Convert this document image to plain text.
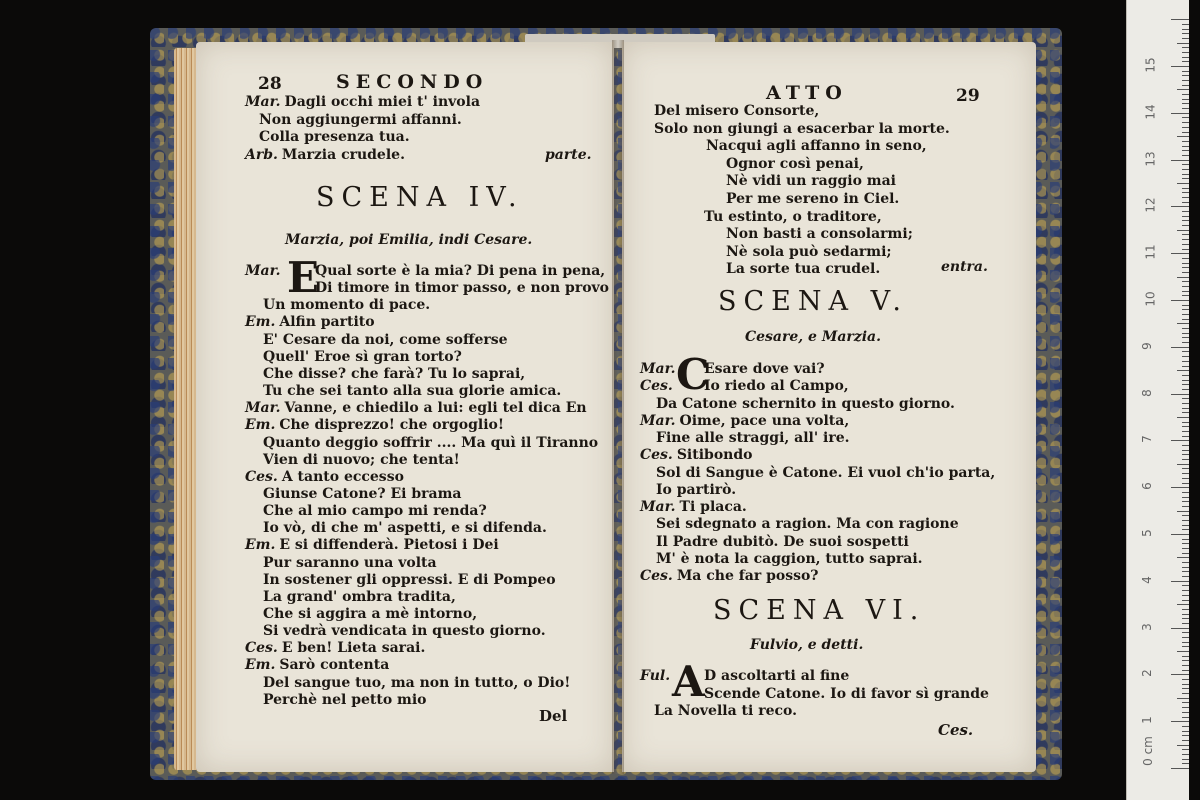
28	SECONDO
Mar. Dagli occhi miei t' invola
Non aggiungermi affanni.
Colla presenza tua.
Arb. Marzia crudele.	parte.
SCENA IV.
Marzia, poi Emilia, indi Cesare.
E
Mar. Qual sorte è la mia? Di pena in pena,
Di timore in timor passo, e non provo
Un momento di pace.
Em. Alfin partito
E' Cesare da noi, come sofferse
Quell' Eroe sì gran torto?
Che disse? che farà? Tu lo saprai,
Tu che sei tanto alla sua glorie amica.
Mar. Vanne, e chiedilo a lui: egli tel dica En
Em. Che disprezzo! che orgoglio!
Quanto deggio soffrir .... Ma quì il Tiranno
Vien di nuovo; che tenta!
Ces. A tanto eccesso
Giunse Catone? Ei brama
Che al mio campo mi renda?
Io vò, di che m' aspetti, e si difenda.
Em. E si diffenderà. Pietosi i Dei
Pur saranno una volta
In sostener gli oppressi. E di Pompeo
La grand' ombra tradita,
Che si aggira a mè intorno,
Si vedrà vendicata in questo giorno.
Ces. E ben! Lieta sarai.
Em. Sarò contenta
Del sangue tuo, ma non in tutto, o Dio!
Perchè nel petto mio
Del
ATTO	29
Del misero Consorte,
Solo non giungi a esacerbar la morte.
Nacqui agli affanno in seno,
Ognor così penai,
Nè vidi un raggio mai
Per me sereno in Ciel.
Tu estinto, o traditore,
Non basti a consolarmi;
Nè sola può sedarmi;
La sorte tua crudel.	entra.
SCENA V.
Cesare, e Marzia.
C
Mar. Esare dove vai?
Ces. Io riedo al Campo,
Da Catone schernito in questo giorno.
Mar. Oime, pace una volta,
Fine alle straggi, all' ire.
Ces. Sitibondo
Sol di Sangue è Catone. Ei vuol ch'io parta,
Io partirò.
Mar. Ti placa.
Sei sdegnato a ragion. Ma con ragione
Il Padre dubitò. De suoi sospetti
M' è nota la caggion, tutto saprai.
Ces. Ma che far posso?
SCENA VI.
Fulvio, e detti.
A
Ful. D ascoltarti al fine
Scende Catone. Io di favor sì grande
La Novella ti reco.
Ces.
0 cm
1
2
3
4
5
6
7
8
9
10
11
12
13
14
15
